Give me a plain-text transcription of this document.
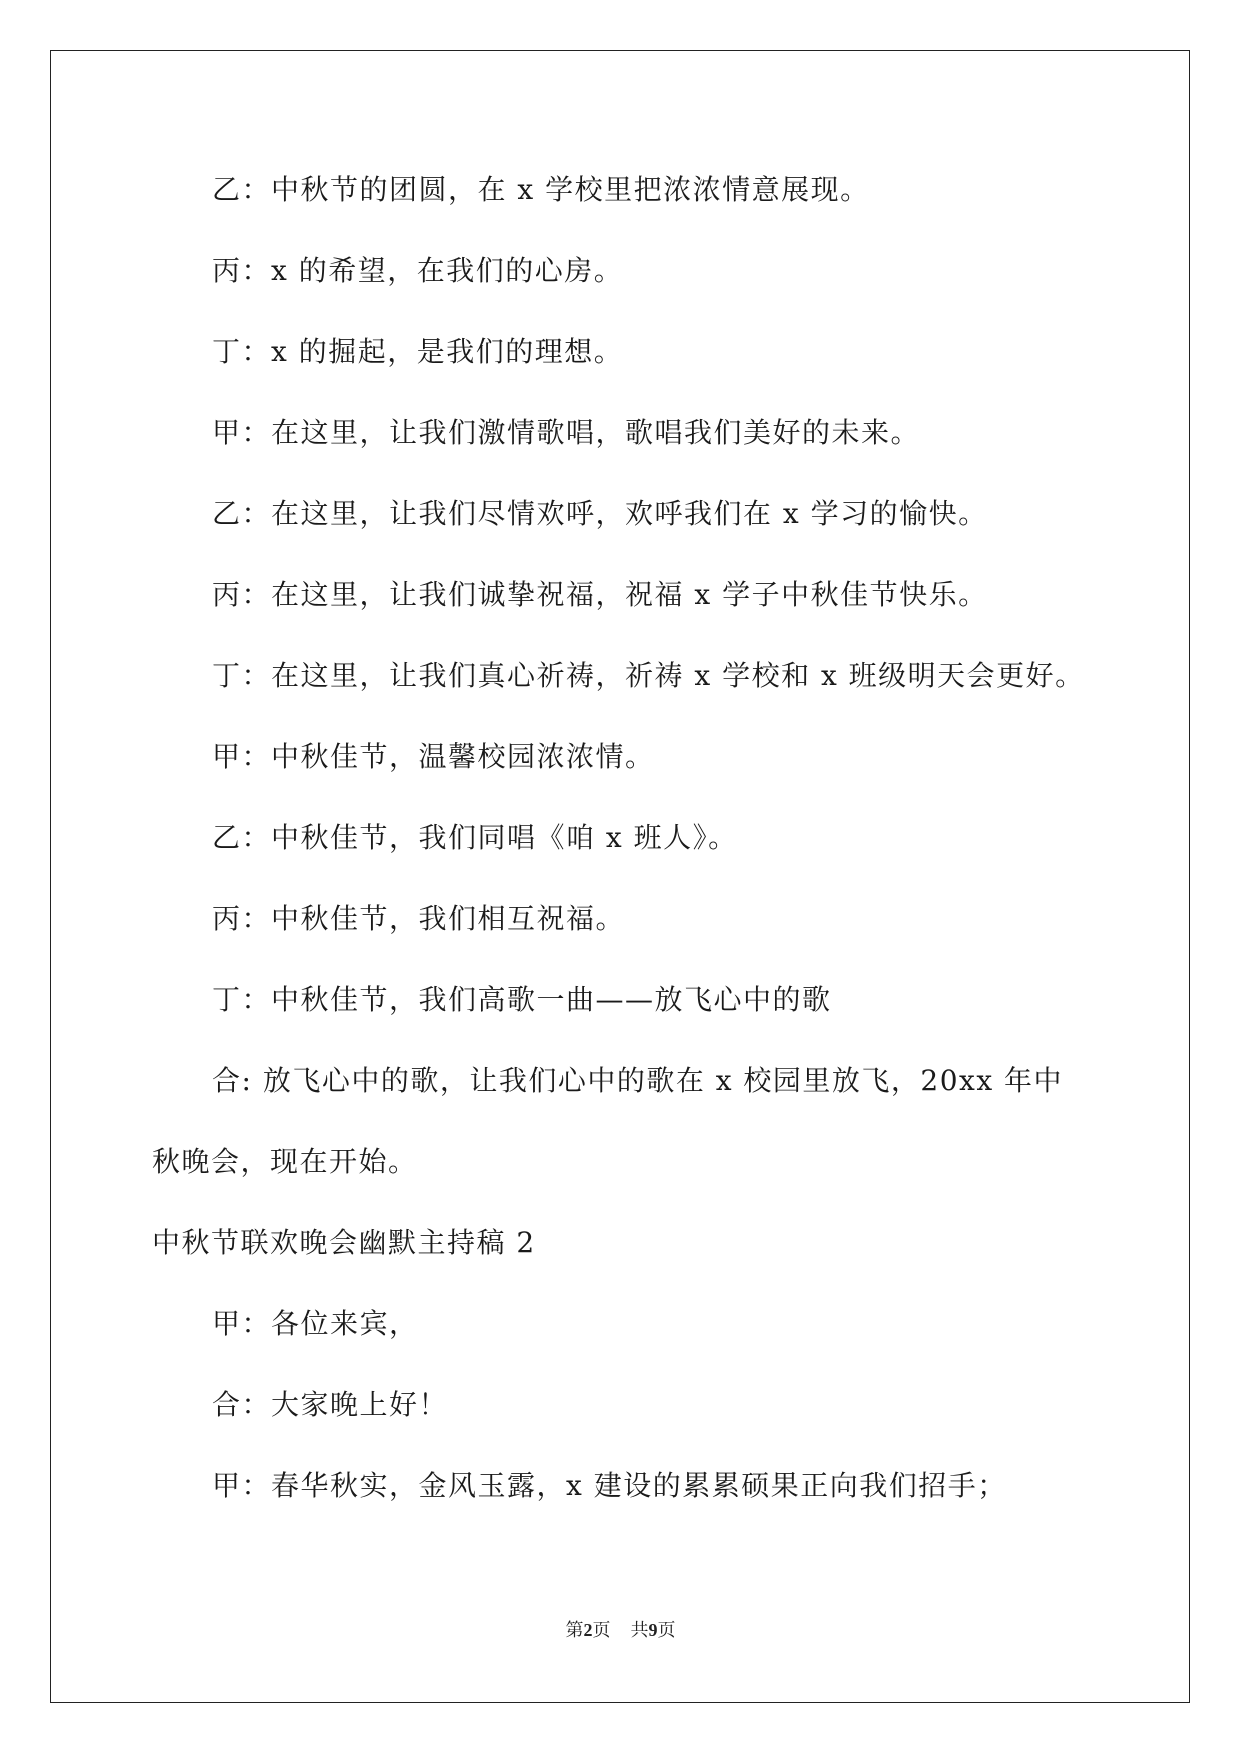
乙：中秋节的团圆，在 x 学校里把浓浓情意展现。
丙：x 的希望，在我们的心房。
丁：x 的掘起，是我们的理想。
甲：在这里，让我们激情歌唱，歌唱我们美好的未来。
乙：在这里，让我们尽情欢呼，欢呼我们在 x 学习的愉快。
丙：在这里，让我们诚挚祝福，祝福 x 学子中秋佳节快乐。
丁：在这里，让我们真心祈祷，祈祷 x 学校和 x 班级明天会更好。
甲：中秋佳节，温馨校园浓浓情。
乙：中秋佳节，我们同唱《咱 x 班人》。
丙：中秋佳节，我们相互祝福。
丁：中秋佳节，我们高歌一曲——放飞心中的歌
合: 放飞心中的歌，让我们心中的歌在 x 校园里放飞，20xx 年中
秋晚会，现在开始。
中秋节联欢晚会幽默主持稿 2
甲：各位来宾，
合：大家晚上好！
甲：春华秋实，金风玉露，x 建设的累累硕果正向我们招手；
第2页 共9页
